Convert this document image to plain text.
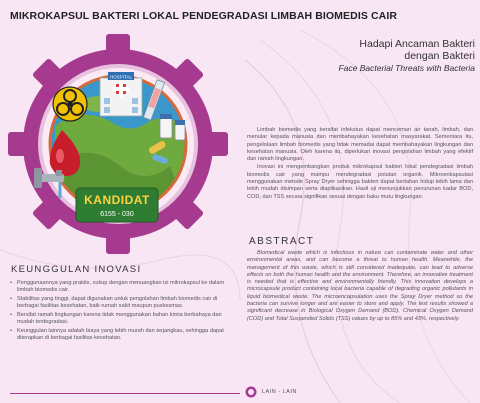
MIKROKAPSUL BAKTERI LOKAL PENDEGRADASI LIMBAH BIOMEDIS CAIR
HOSPITAL
KANDIDAT
6155 - 030
Hadapi Ancaman Bakteri
dengan Bakteri
Face Bacterial Threats with Bacteria

Limbah biomedis yang bersifat infeksius dapat mencemari air tanah, limbah, dan menular kepada manusia dan membahayakan kesehatan masyarakat. Sementara itu, pengelolaan limbah biomedis yang tidak memadai dapat membahayakan lingkungan dan kesehatan manusia. Oleh karena itu, diperlukan inovasi pengolahan limbah yang efektif dan ramah lingkungan.

Inovasi ini mengembangkan produk mikrokapsul bakteri lokal pendegradasi limbah biomedis cair yang mampu mendegradasi polutan organik. Mikroenkapsulasi menggunakan metode Spray Dryer sehingga bakteri dapat bertahan hidup lebih lama dan lebih mudah disimpan serta diaplikasikan. Hasil uji menunjukkan penurunan kadar BOD, COD, dan TSS secara signifikan sesuai dengan baku mutu lingkungan.

ABSTRACT

Biomedical waste which is infectious in nature can contaminate water and other environmental areas, and can become a threat to human health. Meanwhile, the management of this waste, which is still considered inadequate, can lead to adverse effects on both the human health and the environment. Therefore, an innovative treatment is needed that is effective and environmentally friendly. This innovation develops a microcapsule product containing local bacteria capable of degrading organic pollutants in liquid biomedical waste. The microencapsulation uses the Spray Dryer method so the bacteria can survive longer and are easier to store and apply. The test results showed a significant decrease in Biological Oxygen Demand (BOD), Chemical Oxygen Demand (COD) and Total Suspended Solids (TSS) values by up to 85% and 43%, respectively.

KEUNGGULAN INOVASI
• Penggunaannya yang praktis, cukup dengan menuangkan isi mikrokapsul ke dalam limbah biomedis cair.
• Stabilitas yang tinggi, dapat digunakan untuk pengolahan limbah biomedis cair di berbagai fasilitas kesehatan, baik rumah sakit maupun puskesmas.
• Bersifat ramah lingkungan karena tidak menggunakan bahan kimia berbahaya dan mudah terdegradasi.
• Keunggulan lainnya adalah biaya yang lebih murah dan terjangkau, sehingga dapat diterapkan di berbagai fasilitas kesehatan.
LAIN - LAIN
